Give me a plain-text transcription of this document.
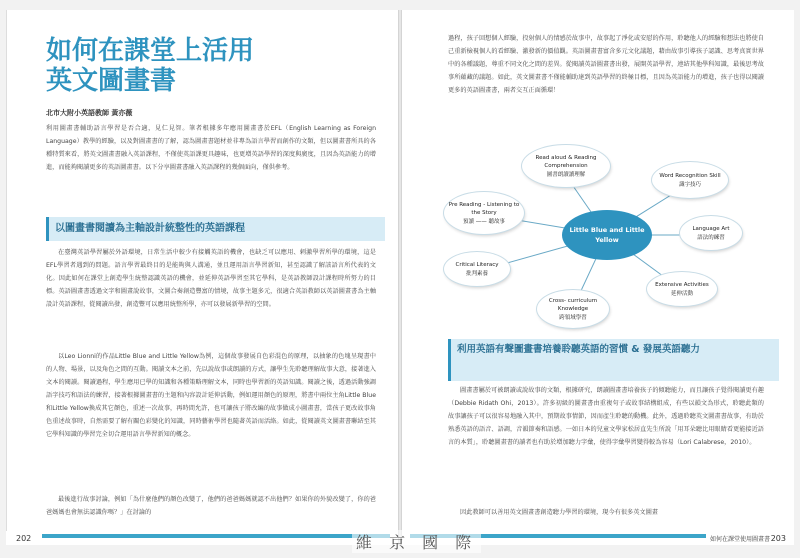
如何在課堂上活用
英文圖畫書
北市大附小英語教師 黃亦薇
利用圖畫書輔助語言學習是否合適，見仁見智。筆者根據多年應用圖畫書於EFL（English Learning as Foreign Language）教學的經驗，以及對圖畫書的了解，認為圖畫書題材並非專為語言學習而創作的文類，但以圖畫書所具的各種特質來看，將英文圖畫書融入英語課程，不僅使英語課更具趣味，也更增英語學習的深度與廣度，且因為英語能力的增進，而能夠閱讀更多的英語圖畫書。以下分享圖畫書融入英語課程的幾個面向，僅供參考。
以圖畫書閱讀為主軸設計統整性的英語課程
在臺灣英語學習屬於外語環境，日常生活中較少有接觸英語的機會，也缺乏可以應用、刺激學習所學的環境，這是EFL學習者遇到的問題。語言學習最終目的是能夠與人溝通，並且運用語言學習新知，甚至認識了解該語言所代表的文化。因此如何在課堂上創造學生統整認識英語的機會，並延伸英語學習至其它學科，是英語教師設計課程時所努力的目標。英語圖畫書透過文字和圖畫說故事，文圖合奏創造豐富的情境，故事主題多元，很適合英語教師以英語圖畫書為主軸設計英語課程，從閱讀出發，創造豐可以應用統整所學，亦可以發展新學習的空間。
以Leo Lionni的作品Little Blue and Little Yellow為例，這個故事發展自色彩混色的原理，以抽象的色塊呈現書中的人物、場景，以及角色之間的互動。閱讀文本之前，先以說故事或朗讀的方式，讓學生先聆聽理解故事大意，接著進入文本的閱讀。閱讀過程，學生應用已學的知識和各種策略理解文本，同時也學習新的英語知識。閱讀之後，透過活動強調語字技巧和語法的練習，接著根據圖畫書的主題和內容設計延伸活動，例如運用顏色的原理，將書中兩位主角Little Blue和Little Yellow換成其它顏色，重述一次故事，再時間允許，也可讓孩子將改編的故事做成小圖畫書，當孩子更改故事角色重述故事時，自然需要了解有關色彩變化的知識，同時藝術學習也隨著英語而活絡。如此，從閱讀英文圖畫書聯結至其它學科知識的學習完全切合運用語言學習新知的概念。
最後進行故事討論，例如「為什麼他們的顏色改變了，他們的爸爸媽媽就認不出他們？如果你的外貌改變了，你的爸爸媽媽也會無法認識你嗎？」在討論的
202
過程，孩子回想個人經驗，投射個人的情感於故事中，故事起了淨化或安慰的作用，聆聽他人的經驗和想法也將使自己重新檢視個人的看經驗、激發新的價值觀。英語圖畫書富含多元文化議題，藉由故事引導孩子認識、思考真實世界中的各種議題，尊重不同文化之間的差異。從閱讀英語圖畫書出發，展開英語學習，連結其他學科知識，最後思考故事所蘊藏的議題。如此，英文圖畫書不僅能輔助達到英語學習的終極目標，且因為英語能力的增進，孩子也得以閱讀更多的英語圖畫書，兩者交互正面循環！
Read aloud & Reading Comprehension
圖書朗讀讀理解	Word Recognition Skill
識字技巧
Language Art
語法的練習
Extensive Activities
延伸活動
Cross- curriculum Knowledge
跨領域學習
Critical Literacy
批判素養
Pre Reading - Listening to the Story
預讀 —— 聽故事
Little Blue and Little Yellow
利用英語有聲圖畫書培養聆聽英語的習慣 & 發展英語聽力
圖畫書屬於可被朗讀或說故事的文類，根據研究，朗讀圖畫書培養孩子的傾聽能力，而且讓孩子覺得閱讀更有趣（Debbie Ridath Ohi，2013）。許多初級的圖畫書由重複句子或故事結構組成，有些以韻文為形式，聆聽此類的故事讓孩子可以很容易地融入其中，預期故事情節，因而產生聆聽的動機。此外，透過聆聽英文圖畫書故事，有助於熟悉英語的語音、語調，音韻節奏和語感。一如日本的兒童文學家松居直先生所說「用耳朵聽比用眼睛看更能接近語言的本質」，聆聽圖畫書的讀者也有助於增加聽力字彙，使得字彙學習變得較為容易（Lori Calabrese，2010）。
因此教師可以善用英文圖畫書創造聽力學習的環境，現今有很多英文圖畫
如何在課堂使用圖畫書 203
維 京 國 際
